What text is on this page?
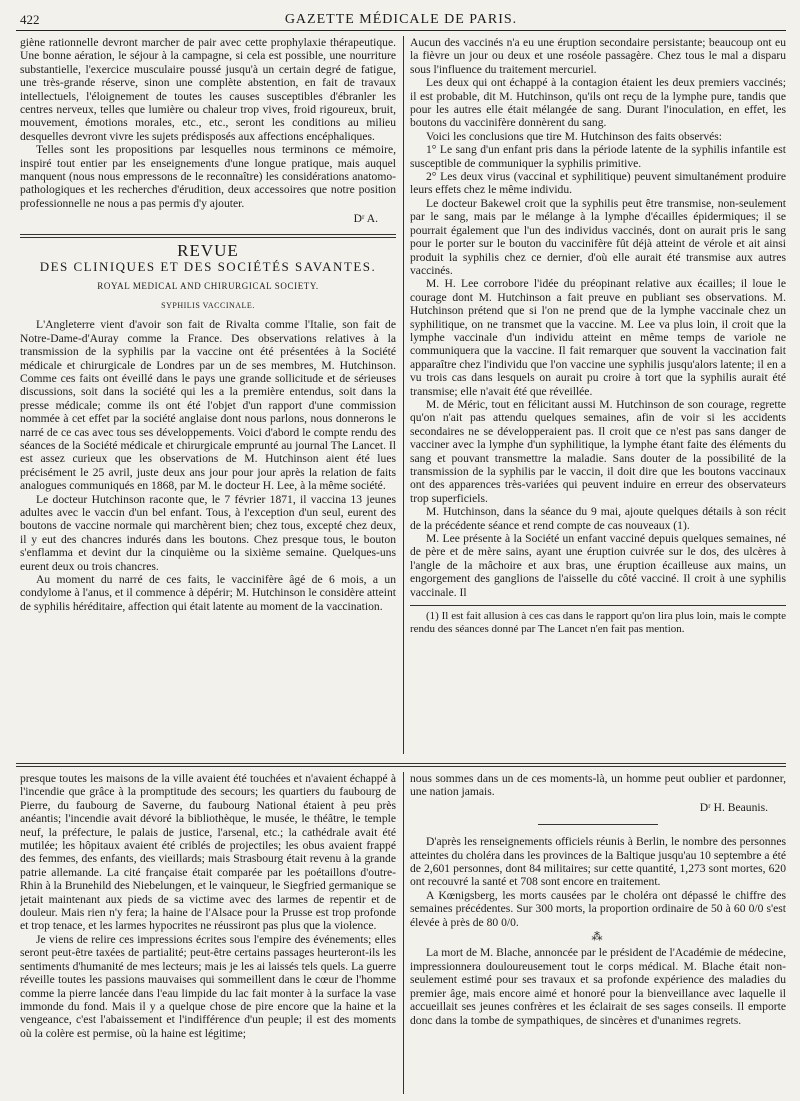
422	GAZETTE MÉDICALE DE PARIS.

giène rationnelle devront marcher de pair avec cette prophylaxie thérapeutique. Une bonne aération, le séjour à la campagne, si cela est possible, une nourriture substantielle, l'exercice musculaire poussé jusqu'à un certain degré de fatigue, une très-grande réserve, sinon une complète abstention, en fait de travaux intellectuels, l'éloignement de toutes les causes susceptibles d'ébranler les centres nerveux, telles que lumière ou chaleur trop vives, froid rigoureux, bruit, mouvement, émotions morales, etc., etc., seront les conditions au milieu desquelles devront vivre les sujets prédisposés aux affections encéphaliques.

Telles sont les propositions par lesquelles nous terminons ce mémoire, inspiré tout entier par les enseignements d'une longue pratique, mais auquel manquent (nous nous empressons de le reconnaître) les considérations anatomo-pathologiques et les recherches d'érudition, deux accessoires que notre position professionnelle ne nous a pas permis d'y ajouter.

Dʳ A.
REVUE
DES CLINIQUES ET DES SOCIÉTÉS SAVANTES.
ROYAL MEDICAL AND CHIRURGICAL SOCIETY.
SYPHILIS VACCINALE.

L'Angleterre vient d'avoir son fait de Rivalta comme l'Italie, son fait de Notre-Dame-d'Auray comme la France. Des observations relatives à la transmission de la syphilis par la vaccine ont été présentées à la Société médicale et chirurgicale de Londres par un de ses membres, M. Hutchinson. Comme ces faits ont éveillé dans le pays une grande sollicitude et de sérieuses discussions, soit dans la société qui les a la première entendus, soit dans la presse médicale; comme ils ont été l'objet d'un rapport d'une commission nommée à cet effet par la société anglaise dont nous parlons, nous donnerons le narré de ce cas avec tous ses développements. Voici d'abord le compte rendu des séances de la Société médicale et chirurgicale emprunté au journal The Lancet. Il est assez curieux que les observations de M. Hutchinson aient été lues précisément le 25 avril, juste deux ans jour pour jour après la relation de faits analogues communiqués en 1868, par M. le docteur H. Lee, à la même société.

Le docteur Hutchinson raconte que, le 7 février 1871, il vaccina 13 jeunes adultes avec le vaccin d'un bel enfant. Tous, à l'exception d'un seul, eurent des boutons de vaccine normale qui marchèrent bien; chez tous, excepté chez deux, il y eut des chancres indurés dans les boutons. Chez presque tous, le bouton s'enflamma et devint dur la cinquième ou la sixième semaine. Quelques-uns eurent deux ou trois chancres.

Au moment du narré de ces faits, le vaccinifère âgé de 6 mois, a un condylome à l'anus, et il commence à dépérir; M. Hutchinson le considère atteint de syphilis héréditaire, affection qui était latente au moment de la vaccination.

Aucun des vaccinés n'a eu une éruption secondaire persistante; beaucoup ont eu la fièvre un jour ou deux et une roséole passagère. Chez tous le mal a disparu sous l'influence du traitement mercuriel.

Les deux qui ont échappé à la contagion étaient les deux premiers vaccinés; il est probable, dit M. Hutchinson, qu'ils ont reçu de la lymphe pure, tandis que pour les autres elle était mélangée de sang. Durant l'inoculation, en effet, les boutons du vaccinifère donnèrent du sang.

Voici les conclusions que tire M. Hutchinson des faits observés:

1° Le sang d'un enfant pris dans la période latente de la syphilis infantile est susceptible de communiquer la syphilis primitive.

2° Les deux virus (vaccinal et syphilitique) peuvent simultanément produire leurs effets chez le même individu.

Le docteur Bakewel croit que la syphilis peut être transmise, non-seulement par le sang, mais par le mélange à la lymphe d'écailles épidermiques; il se pourrait également que l'un des individus vaccinés, dont on aurait pris le sang pour le porter sur le bouton du vaccinifère fût déjà atteint de vérole et ait ainsi produit la syphilis chez ce dernier, d'où elle aurait été transmise aux autres vaccinés.

M. H. Lee corrobore l'idée du préopinant relative aux écailles; il loue le courage dont M. Hutchinson a fait preuve en publiant ses observations. M. Hutchinson prétend que si l'on ne prend que de la lymphe vaccinale chez un syphilitique, on ne transmet que la vaccine. M. Lee va plus loin, il croit que la lymphe vaccinale d'un individu atteint en même temps de variole ne communiquera que la vaccine. Il fait remarquer que souvent la vaccination fait apparaître chez l'individu que l'on vaccine une syphilis jusqu'alors latente; il en a vu trois cas dans lesquels on aurait pu croire à tort que la syphilis aurait été transmise; elle n'avait été que réveillée.

M. de Méric, tout en félicitant aussi M. Hutchinson de son courage, regrette qu'on n'ait pas attendu quelques semaines, afin de voir si les accidents secondaires ne se développeraient pas. Il croit que ce n'est pas sans danger de vacciner avec la lymphe d'un syphilitique, la lymphe étant faite des éléments du sang et pouvant transmettre la maladie. Sans douter de la possibilité de la transmission de la syphilis par le vaccin, il doit dire que les boutons vaccinaux ont des apparences très-variées qui peuvent induire en erreur des observateurs trop superficiels.

M. Hutchinson, dans la séance du 9 mai, ajoute quelques détails à son récit de la précédente séance et rend compte de cas nouveaux (1).

M. Lee présente à la Société un enfant vacciné depuis quelques semaines, né de père et de mère sains, ayant une éruption cuivrée sur le dos, des ulcères à l'angle de la mâchoire et aux bras, une éruption écailleuse aux mains, un engorgement des ganglions de l'aisselle du côté vacciné. Il croit à une syphilis vaccinale. Il

(1) Il est fait allusion à ces cas dans le rapport qu'on lira plus loin, mais le compte rendu des séances donné par The Lancet n'en fait pas mention.

presque toutes les maisons de la ville avaient été touchées et n'avaient échappé à l'incendie que grâce à la promptitude des secours; les quartiers du faubourg de Pierre, du faubourg de Saverne, du faubourg National étaient à peu près anéantis; l'incendie avait dévoré la bibliothèque, le musée, le théâtre, le temple neuf, la préfecture, le palais de justice, l'arsenal, etc.; la cathédrale avait été mutilée; les hôpitaux avaient été criblés de projectiles; les obus avaient frappé des femmes, des enfants, des vieillards; mais Strasbourg était revenu à la grande patrie allemande. La cité française était comparée par les poétaillons d'outre-Rhin à la Brunehild des Niebelungen, et le vainqueur, le Siegfried germanique se jetait maintenant aux pieds de sa victime avec des larmes de repentir et de douleur. Mais rien n'y fera; la haine de l'Alsace pour la Prusse est trop profonde et trop tenace, et les larmes hypocrites ne réussiront pas plus que la violence.

Je viens de relire ces impressions écrites sous l'empire des événements; elles seront peut-être taxées de partialité; peut-être certains passages heurteront-ils les sentiments d'humanité de mes lecteurs; mais je les ai laissés tels quels. La guerre réveille toutes les passions mauvaises qui sommeillent dans le cœur de l'homme comme la pierre lancée dans l'eau limpide du lac fait monter à la surface la vase immonde du fond. Mais il y a quelque chose de pire encore que la haine et la vengeance, c'est l'abaissement et l'indifférence d'un peuple; il est des moments où la colère est permise, où la haine est légitime;

nous sommes dans un de ces moments-là, un homme peut oublier et pardonner, une nation jamais.

Dʳ H. Beaunis.

D'après les renseignements officiels réunis à Berlin, le nombre des personnes atteintes du choléra dans les provinces de la Baltique jusqu'au 10 septembre a été de 2,601 personnes, dont 84 militaires; sur cette quantité, 1,273 sont mortes, 620 ont recouvré la santé et 708 sont encore en traitement.

A Kœnigsberg, les morts causées par le choléra ont dépassé le chiffre des semaines précédentes. Sur 300 morts, la proportion ordinaire de 50 à 60 0/0 s'est élevée à près de 80 0/0.

⁂

La mort de M. Blache, annoncée par le président de l'Académie de médecine, impressionnera douloureusement tout le corps médical. M. Blache était non-seulement estimé pour ses travaux et sa profonde expérience des maladies du premier âge, mais encore aimé et honoré pour la bienveillance avec laquelle il accueillait ses jeunes confrères et les éclairait de ses sages conseils. Il emporte donc dans la tombe de sympathiques, de sincères et d'unanimes regrets.
